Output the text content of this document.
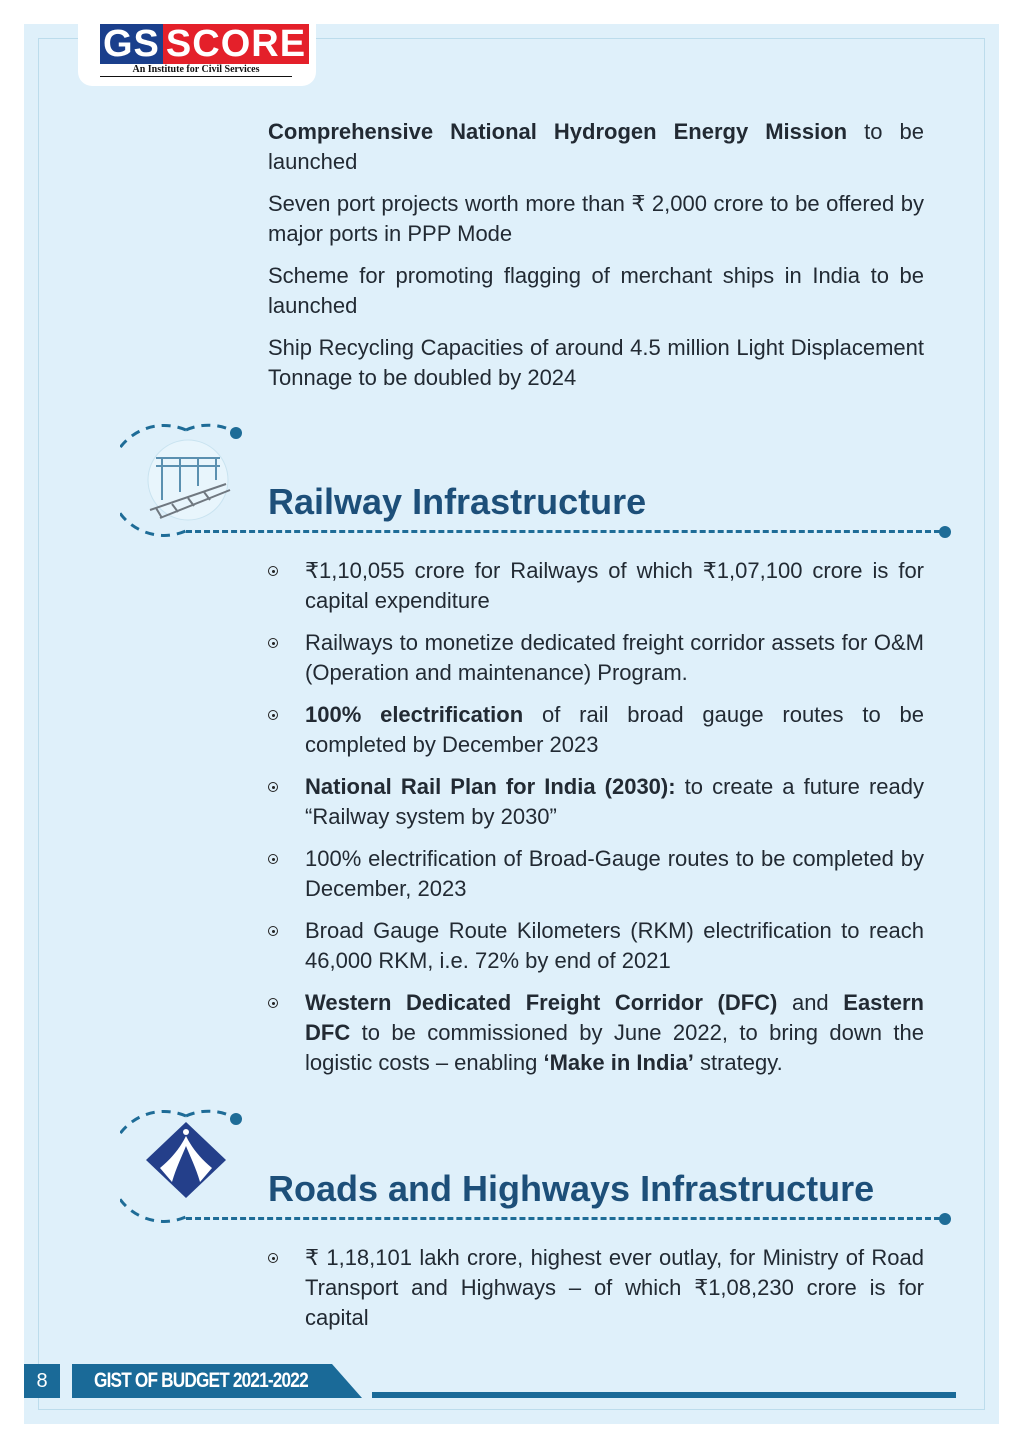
GS SCORE
An Institute for Civil Services

Comprehensive National Hydrogen Energy Mission to be launched

Seven port projects worth more than ₹ 2,000 crore to be offered by major ports in PPP Mode

Scheme for promoting flagging of merchant ships in India to be launched

Ship Recycling Capacities of around 4.5 million Light Displacement Tonnage to be doubled by 2024

Railway Infrastructure
₹1,10,055 crore for Railways of which ₹1,07,100 crore is for capital expenditure
Railways to monetize dedicated freight corridor assets for O&M (Operation and maintenance) Program.
100% electrification of rail broad gauge routes to be completed by December 2023
National Rail Plan for India (2030): to create a future ready “Railway system by 2030”
100% electrification of Broad-Gauge routes to be completed by December, 2023
Broad Gauge Route Kilometers (RKM) electrification to reach 46,000 RKM, i.e. 72% by end of 2021
Western Dedicated Freight Corridor (DFC) and Eastern DFC to be commissioned by June 2022, to bring down the logistic costs – enabling ‘Make in India’ strategy.
Roads and Highways Infrastructure
₹ 1,18,101 lakh crore, highest ever outlay, for Ministry of Road Transport and Highways – of which ₹1,08,230 crore is for capital
8	GIST OF BUDGET 2021-2022
